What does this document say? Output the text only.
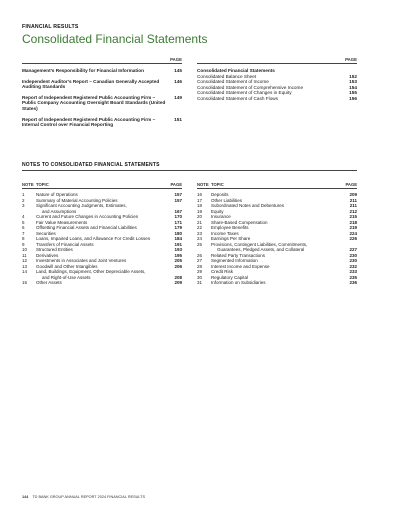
FINANCIAL RESULTS
Consolidated Financial Statements
PAGE
Management’s Responsibility for Financial Information	145
Independent Auditor’s Report – Canadian Generally Accepted Auditing Standards
146
Report of Independent Registered Public Accounting Firm – Public Company Accounting Oversight Board Standards (United States)
149
Report of Independent Registered Public Accounting Firm – Internal Control over Financial Reporting
151
PAGE
Consolidated Financial Statements
Consolidated Balance Sheet	152
Consolidated Statement of Income	153
Consolidated Statement of Comprehensive Income	154
Consolidated Statement of Changes in Equity	155
Consolidated Statement of Cash Flows	156
NOTES TO CONSOLIDATED FINANCIAL STATEMENTS
NOTE TOPIC	PAGE
1	Nature of Operations	157
2	Summary of Material Accounting Policies	157
3	Significant Accounting Judgments, Estimates,
and Assumptions	167
4	Current and Future Changes in Accounting Policies	170
5	Fair Value Measurements	171
6	Offsetting Financial Assets and Financial Liabilities	179
7	Securities	180
8	Loans, Impaired Loans, and Allowance For Credit Losses	184
9	Transfers of Financial Assets	191
10	Structured Entities	193
11	Derivatives	195
12	Investments in Associates and Joint Ventures	205
13	Goodwill and Other Intangibles	206
14	Land, Buildings, Equipment, Other Depreciable Assets,
and Right-of-Use Assets	208
15	Other Assets	209
NOTE TOPIC	PAGE
16	Deposits	209
17	Other Liabilities	211
18	Subordinated Notes and Debentures	211
19	Equity	212
20	Insurance	215
21	Share-Based Compensation	218
22	Employee Benefits	219
23	Income Taxes	224
24	Earnings Per Share	226
25	Provisions, Contingent Liabilities, Commitments,
Guarantees, Pledged Assets, and Collateral	227
26	Related Party Transactions	230
27	Segmented Information	230
28	Interest Income and Expense	232
29	Credit Risk	233
30	Regulatory Capital	235
31	Information on Subsidiaries	236
144 TD BANK GROUP ANNUAL REPORT 2024 FINANCIAL RESULTS
